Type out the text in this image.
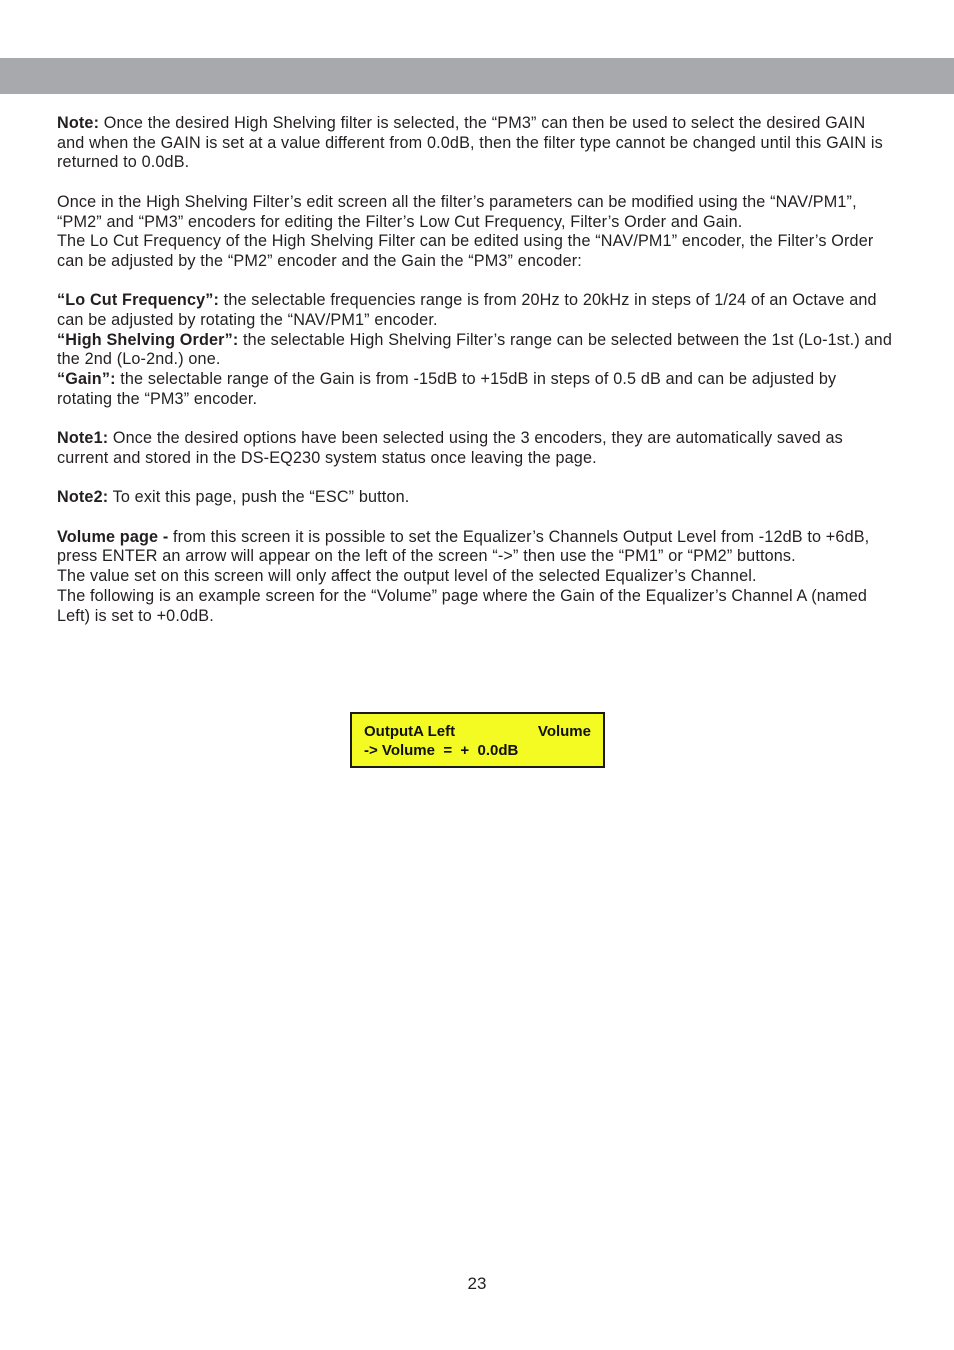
Note: Once the desired High Shelving filter is selected, the “PM3” can then be used to select the desired GAIN and when the GAIN is set at a value different from 0.0dB, then the filter type cannot be changed until this GAIN is returned to 0.0dB.

Once in the High Shelving Filter’s edit screen all the filter’s parameters can be modified using the “NAV/PM1”, “PM2” and “PM3” encoders for editing the Filter’s Low Cut Frequency, Filter’s Order and Gain.

The Lo Cut Frequency of the High Shelving Filter can be edited using the “NAV/PM1” encoder, the Filter’s Order can be adjusted by the “PM2” encoder and the Gain the “PM3” encoder:

“Lo Cut Frequency”: the selectable frequencies range is from 20Hz to 20kHz in steps of 1/24 of an Octave and can be adjusted by rotating the “NAV/PM1” encoder.

“High Shelving Order”: the selectable High Shelving Filter’s range can be selected between the 1st (Lo-1st.) and the 2nd (Lo-2nd.) one.

“Gain”: the selectable range of the Gain is from -15dB to +15dB in steps of 0.5 dB and can be adjusted by rotating the “PM3” encoder.

Note1: Once the desired options have been selected using the 3 encoders, they are automatically saved as current and stored in the DS-EQ230 system status once leaving the page.

Note2: To exit this page, push the “ESC” button.

Volume page - from this screen it is possible to set the Equalizer’s Channels Output Level from -12dB to +6dB, press ENTER an arrow will appear on the left of the screen “->” then use the “PM1” or “PM2” buttons.

The value set on this screen will only affect the output level of the selected Equalizer’s Channel.

The following is an example screen for the “Volume” page where the Gain of the Equalizer’s Channel A (named Left) is set to +0.0dB.

OutputA Left	Volume
-> Volume  =  +  0.0dB
23
